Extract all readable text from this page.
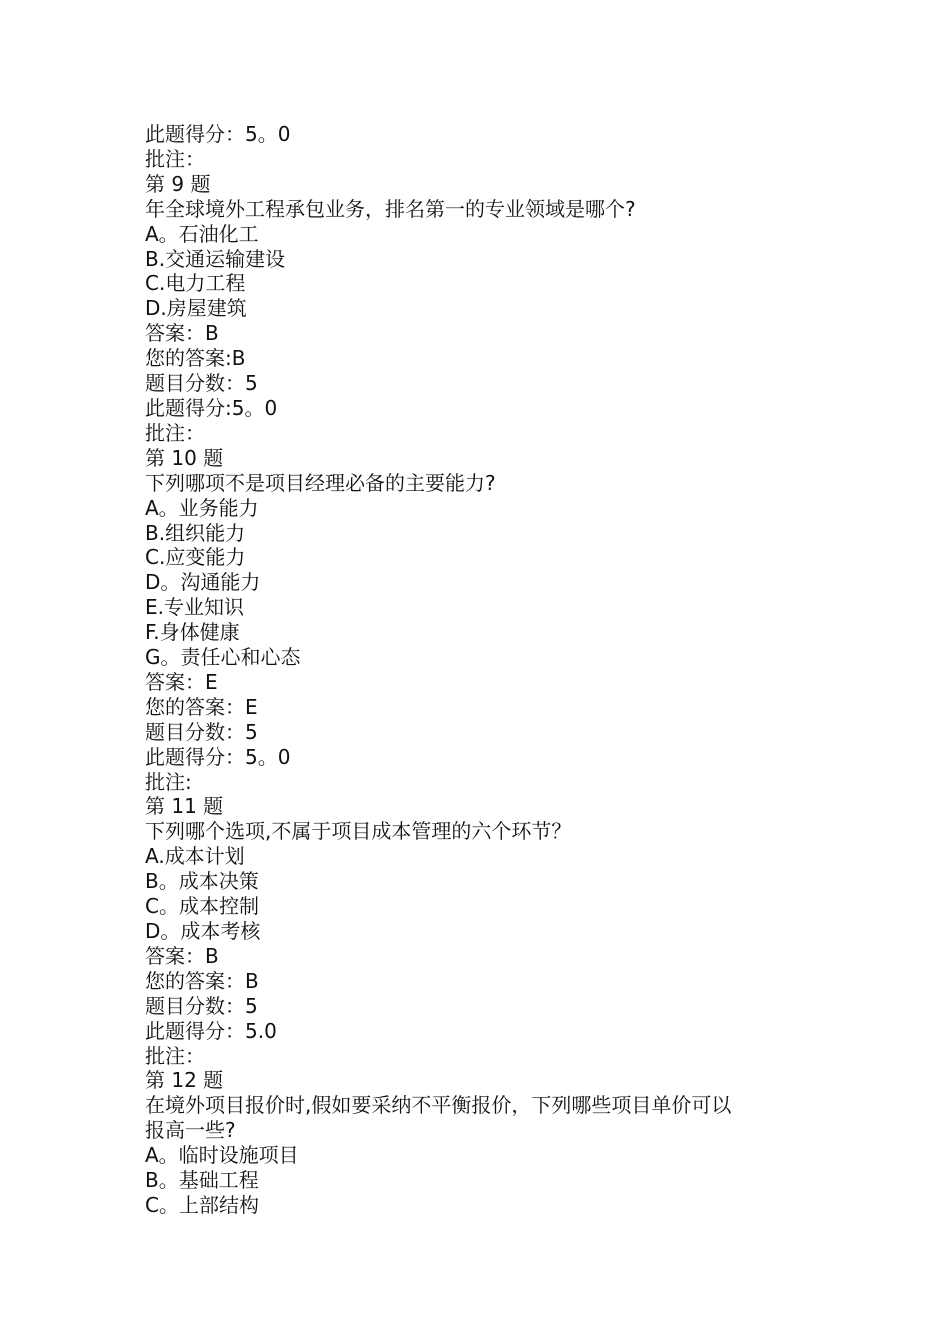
此题得分：5。0

批注：

第 9 题

年全球境外工程承包业务，排名第一的专业领域是哪个?

A。石油化工

B.交通运输建设

C.电力工程

D.房屋建筑

答案：B

您的答案:B

题目分数：5

此题得分:5。0

批注：

第 10 题

下列哪项不是项目经理必备的主要能力?

A。业务能力

B.组织能力

C.应变能力

D。沟通能力

E.专业知识

F.身体健康

G。责任心和心态

答案：E

您的答案：E

题目分数：5

此题得分：5。0

批注:

第 11 题

下列哪个选项,不属于项目成本管理的六个环节？

A.成本计划

B。成本决策

C。成本控制

D。成本考核

答案：B

您的答案：B

题目分数：5

此题得分：5.0

批注：

第 12 题

在境外项目报价时,假如要采纳不平衡报价，下列哪些项目单价可以

报高一些?

A。临时设施项目

B。基础工程

C。上部结构
